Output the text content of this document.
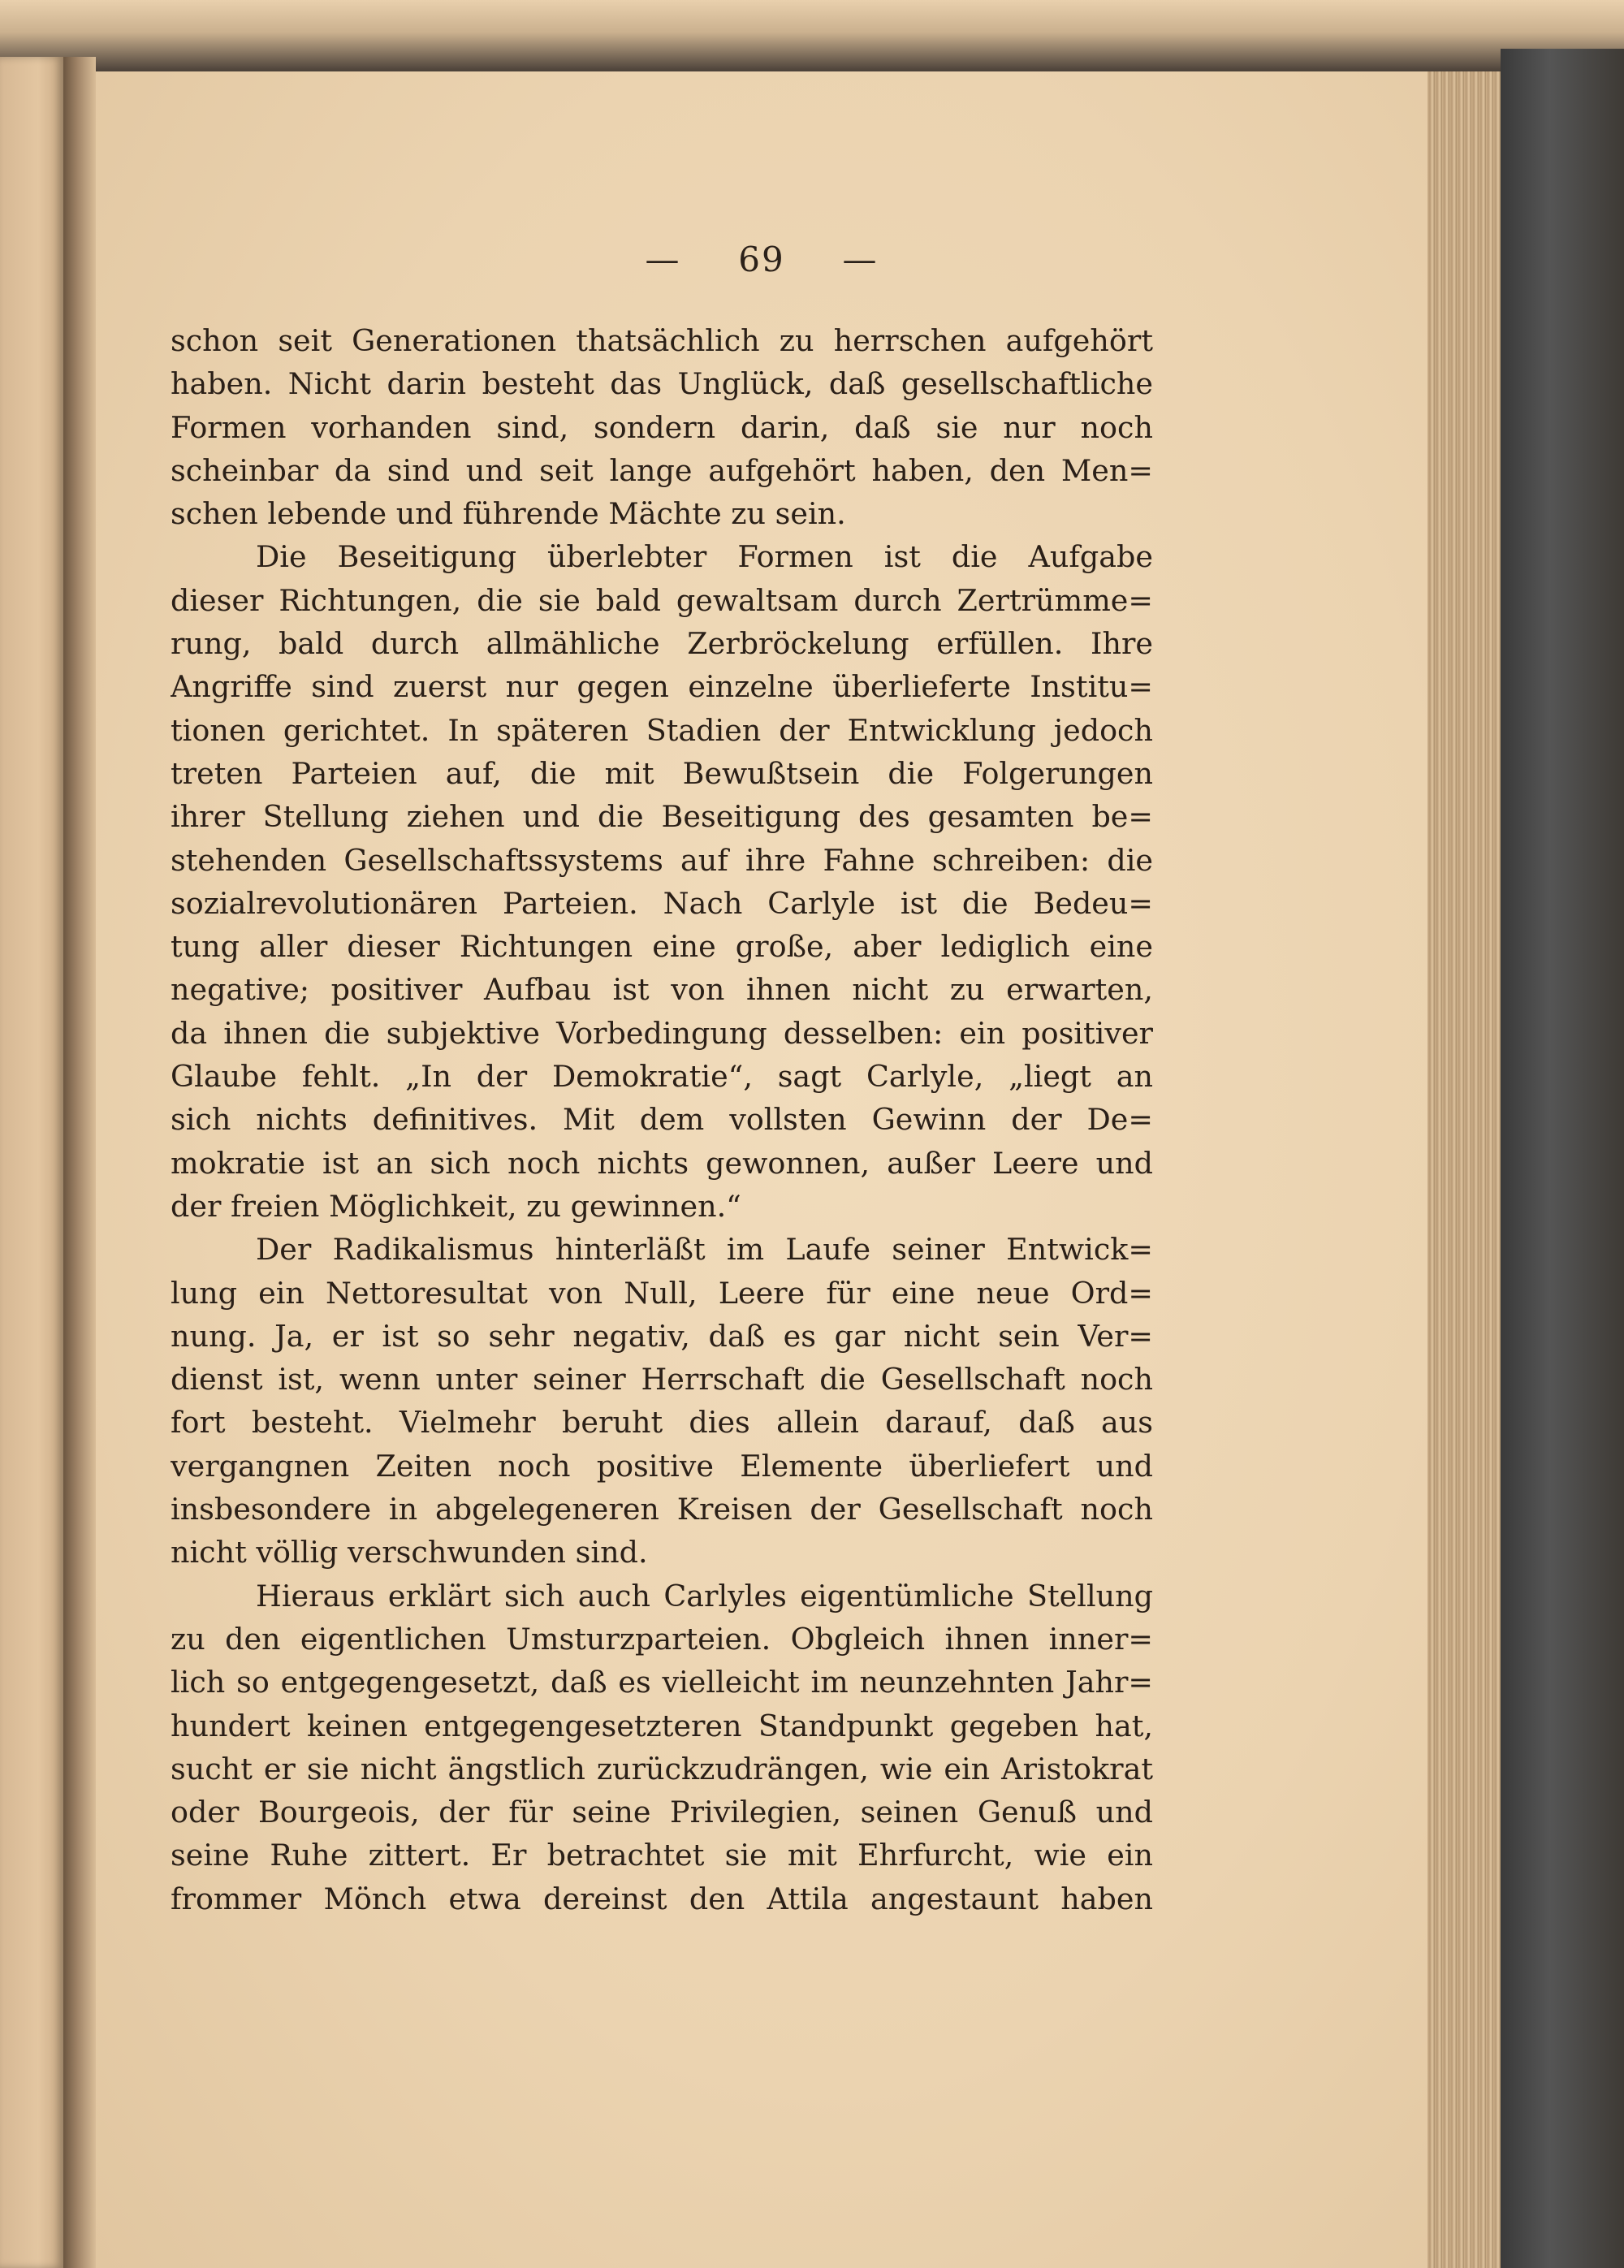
— 69 —
schon seit Generationen thatsächlich zu herrschen aufgehört
haben. Nicht darin besteht das Unglück, daß gesellschaftliche
Formen vorhanden sind, sondern darin, daß sie nur noch
scheinbar da sind und seit lange aufgehört haben, den Men=
schen lebende und führende Mächte zu sein.
Die Beseitigung überlebter Formen ist die Aufgabe
dieser Richtungen, die sie bald gewaltsam durch Zertrümme=
rung, bald durch allmähliche Zerbröckelung erfüllen. Ihre
Angriffe sind zuerst nur gegen einzelne überlieferte Institu=
tionen gerichtet. In späteren Stadien der Entwicklung jedoch
treten Parteien auf, die mit Bewußtsein die Folgerungen
ihrer Stellung ziehen und die Beseitigung des gesamten be=
stehenden Gesellschaftssystems auf ihre Fahne schreiben: die
sozialrevolutionären Parteien. Nach Carlyle ist die Bedeu=
tung aller dieser Richtungen eine große, aber lediglich eine
negative; positiver Aufbau ist von ihnen nicht zu erwarten,
da ihnen die subjektive Vorbedingung desselben: ein positiver
Glaube fehlt. „In der Demokratie“, sagt Carlyle, „liegt an
sich nichts definitives. Mit dem vollsten Gewinn der De=
mokratie ist an sich noch nichts gewonnen, außer Leere und
der freien Möglichkeit, zu gewinnen.“
Der Radikalismus hinterläßt im Laufe seiner Entwick=
lung ein Nettoresultat von Null, Leere für eine neue Ord=
nung. Ja, er ist so sehr negativ, daß es gar nicht sein Ver=
dienst ist, wenn unter seiner Herrschaft die Gesellschaft noch
fort besteht. Vielmehr beruht dies allein darauf, daß aus
vergangnen Zeiten noch positive Elemente überliefert und
insbesondere in abgelegeneren Kreisen der Gesellschaft noch
nicht völlig verschwunden sind.
Hieraus erklärt sich auch Carlyles eigentümliche Stellung
zu den eigentlichen Umsturzparteien. Obgleich ihnen inner=
lich so entgegengesetzt, daß es vielleicht im neunzehnten Jahr=
hundert keinen entgegengesetzteren Standpunkt gegeben hat,
sucht er sie nicht ängstlich zurückzudrängen, wie ein Aristokrat
oder Bourgeois, der für seine Privilegien, seinen Genuß und
seine Ruhe zittert. Er betrachtet sie mit Ehrfurcht, wie ein
frommer Mönch etwa dereinst den Attila angestaunt haben
